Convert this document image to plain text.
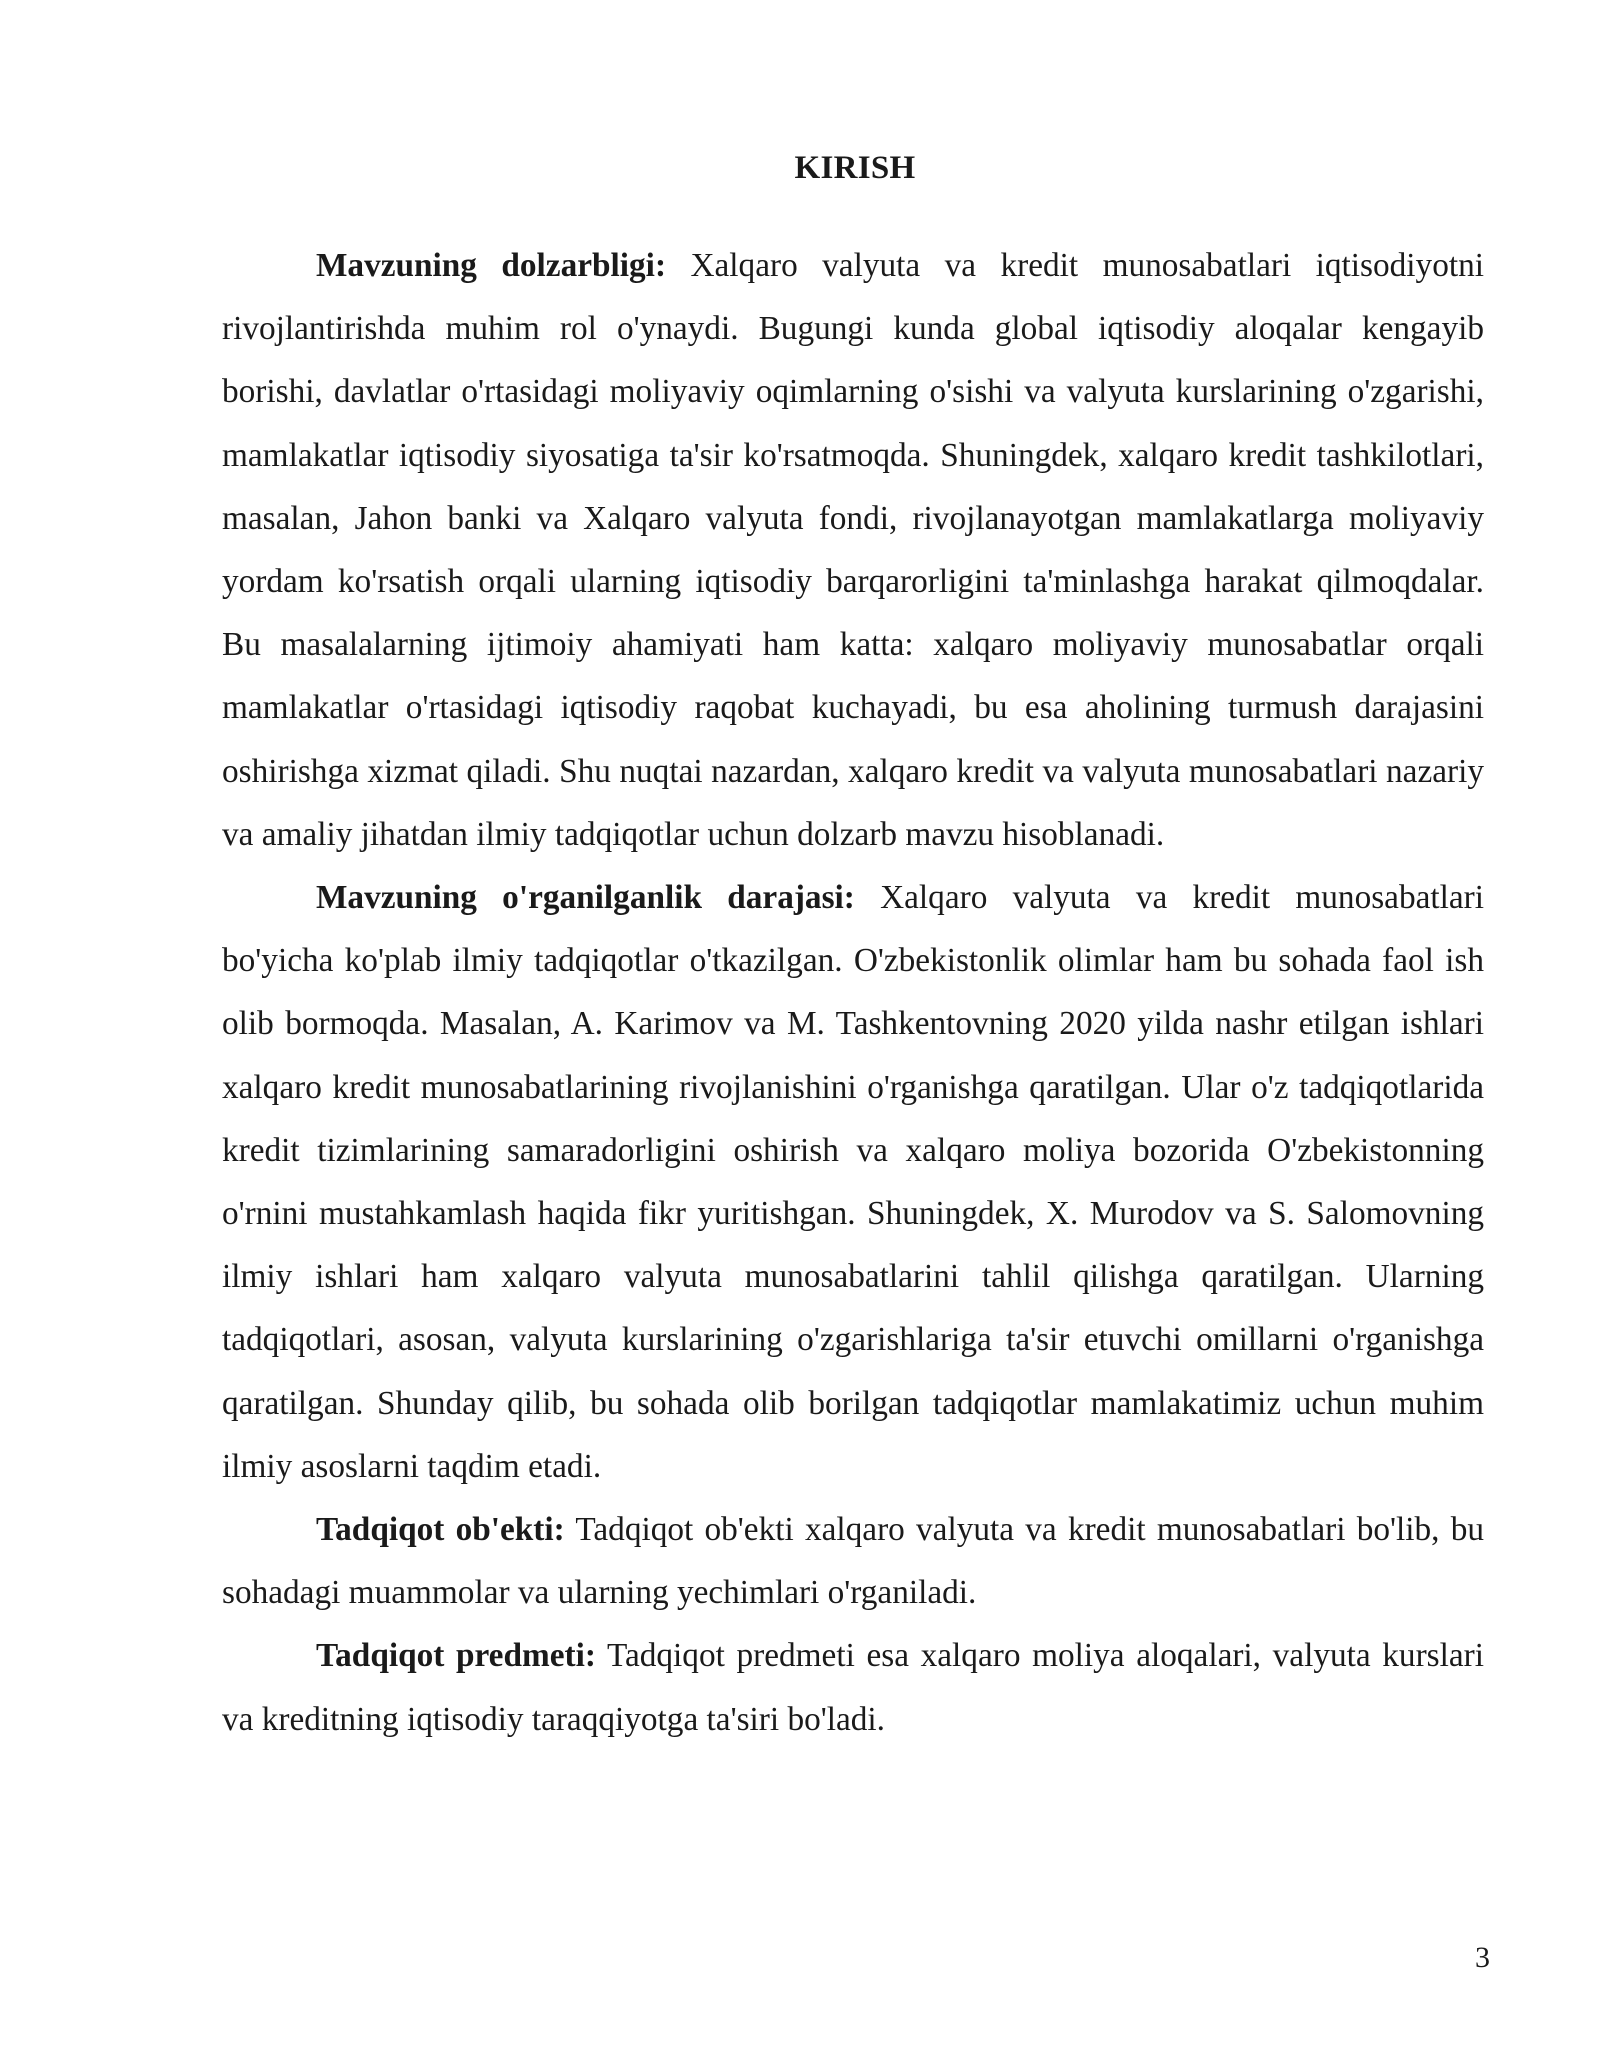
KIRISH

Mavzuning dolzarbligi: Xalqaro valyuta va kredit munosabatlari iqtisodiyotni rivojlantirishda muhim rol o'ynaydi. Bugungi kunda global iqtisodiy aloqalar kengayib borishi, davlatlar o'rtasidagi moliyaviy oqimlarning o'sishi va valyuta kurslarining o'zgarishi, mamlakatlar iqtisodiy siyosatiga ta'sir ko'rsatmoqda. Shuningdek, xalqaro kredit tashkilotlari, masalan, Jahon banki va Xalqaro valyuta fondi, rivojlanayotgan mamlakatlarga moliyaviy yordam ko'rsatish orqali ularning iqtisodiy barqarorligini ta'minlashga harakat qilmoqdalar. Bu masalalarning ijtimoiy ahamiyati ham katta: xalqaro moliyaviy munosabatlar orqali mamlakatlar o'rtasidagi iqtisodiy raqobat kuchayadi, bu esa aholining turmush darajasini oshirishga xizmat qiladi. Shu nuqtai nazardan, xalqaro kredit va valyuta munosabatlari nazariy va amaliy jihatdan ilmiy tadqiqotlar uchun dolzarb mavzu hisoblanadi.

Mavzuning o'rganilganlik darajasi: Xalqaro valyuta va kredit munosabatlari bo'yicha ko'plab ilmiy tadqiqotlar o'tkazilgan. O'zbekistonlik olimlar ham bu sohada faol ish olib bormoqda. Masalan, A. Karimov va M. Tashkentovning 2020 yilda nashr etilgan ishlari xalqaro kredit munosabatlarining rivojlanishini o'rganishga qaratilgan. Ular o'z tadqiqotlarida kredit tizimlarining samaradorligini oshirish va xalqaro moliya bozorida O'zbekistonning o'rnini mustahkamlash haqida fikr yuritishgan. Shuningdek, X. Murodov va S. Salomovning ilmiy ishlari ham xalqaro valyuta munosabatlarini tahlil qilishga qaratilgan. Ularning tadqiqotlari, asosan, valyuta kurslarining o'zgarishlariga ta'sir etuvchi omillarni o'rganishga qaratilgan. Shunday qilib, bu sohada olib borilgan tadqiqotlar mamlakatimiz uchun muhim ilmiy asoslarni taqdim etadi.

Tadqiqot ob'ekti: Tadqiqot ob'ekti xalqaro valyuta va kredit munosabatlari bo'lib, bu sohadagi muammolar va ularning yechimlari o'rganiladi.

Tadqiqot predmeti: Tadqiqot predmeti esa xalqaro moliya aloqalari, valyuta kurslari va kreditning iqtisodiy taraqqiyotga ta'siri bo'ladi.

3
